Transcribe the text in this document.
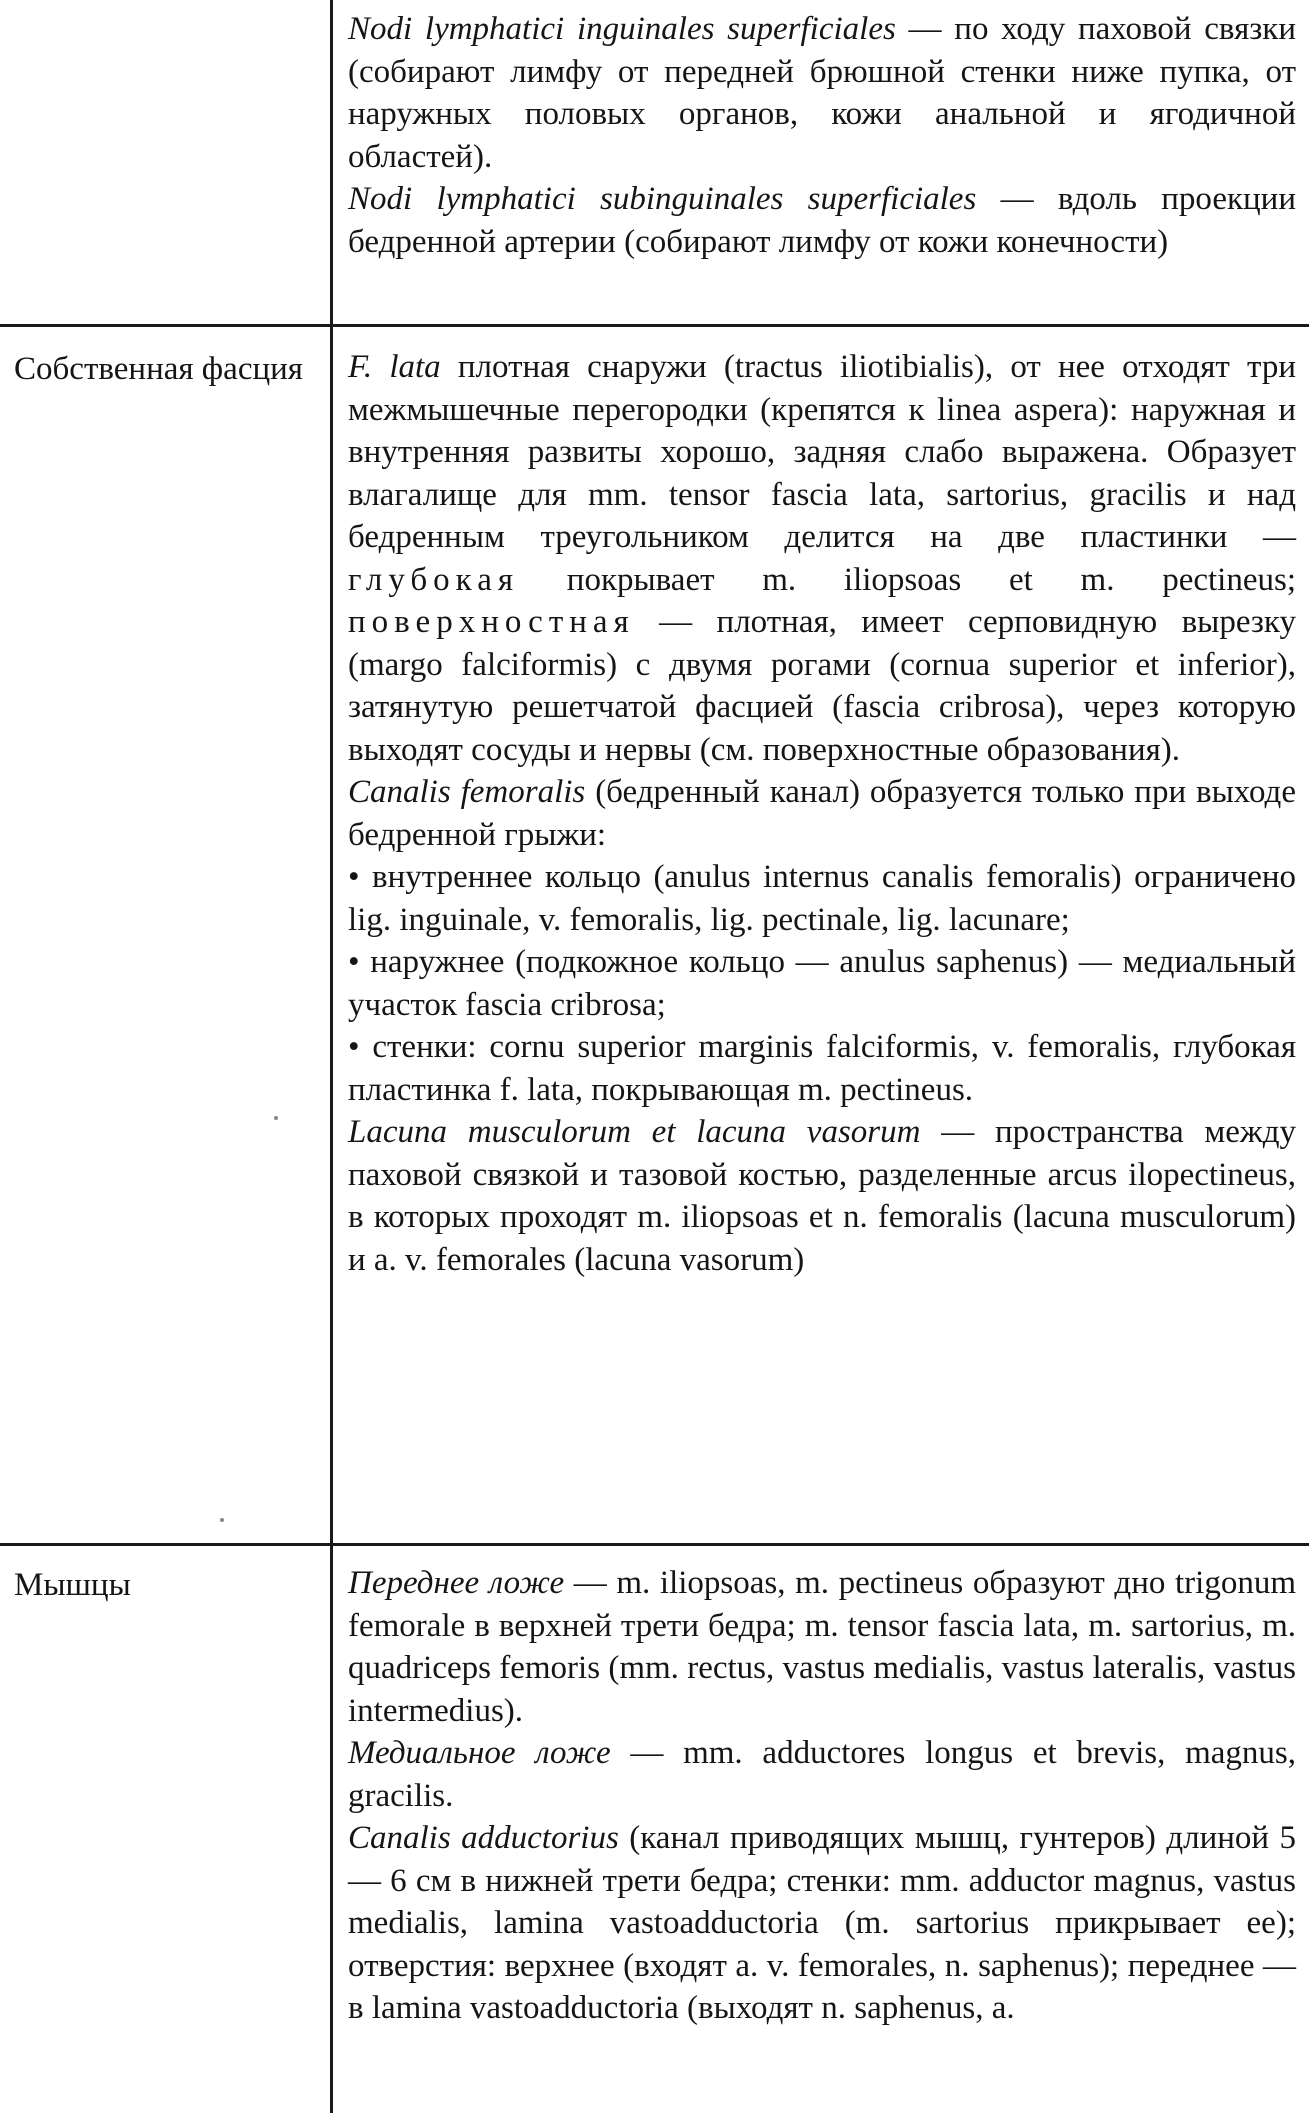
Nodi lymphatici inguinales superficiales — по ходу паховой связки (собирают лимфу от передней брюшной стенки ниже пупка, от наружных половых органов, кожи анальной и ягодичной областей).

Nodi lymphatici subinguinales superficiales — вдоль проекции бедренной артерии (собирают лимфу от кожи конечности)

Собственная фасция	F. lata плотная снаружи (tractus iliotibialis), от нее отходят три межмышечные перегородки (крепятся к linea aspera): наружная и внутренняя развиты хорошо, задняя слабо выражена. Образует влагалище для mm. tensor fascia lata, sartorius, gracilis и над бедренным треугольником делится на две пластинки — глубокая покрывает m. iliopsoas et m. pectineus; поверхностная — плотная, имеет серповидную вырезку (margo falciformis) с двумя рогами (cornua superior et inferior), затянутую решетчатой фасцией (fascia cribrosa), через которую выходят сосуды и нервы (см. поверхностные образования).

Canalis femoralis (бедренный канал) образуется только при выходе бедренной грыжи:

• внутреннее кольцо (anulus internus canalis femoralis) ограничено lig. inguinale, v. femoralis, lig. pectinale, lig. lacunare;

• наружнее (подкожное кольцо — anulus saphenus) — медиальный участок fascia cribrosa;

• стенки: cornu superior marginis falciformis, v. femoralis, глубокая пластинка f. lata, покрывающая m. pectineus.

Lacuna musculorum et lacuna vasorum — пространства между паховой связкой и тазовой костью, разделенные arcus ilopectineus, в которых проходят m. iliopsoas et n. femoralis (lacuna musculorum) и a. v. femorales (lacuna vasorum)

Мышцы	Переднее ложе — m. iliopsoas, m. pectineus образуют дно trigonum femorale в верхней трети бедра; m. tensor fascia lata, m. sartorius, m. quadriceps femoris (mm. rectus, vastus medialis, vastus lateralis, vastus intermedius).

Медиальное ложе — mm. adductores longus et brevis, magnus, gracilis.

Canalis adductorius (канал приводящих мышц, гунтеров) длиной 5 — 6 см в нижней трети бедра; стенки: mm. adductor magnus, vastus medialis, lamina vastoadductoria (m. sartorius прикрывает ее); отверстия: верхнее (входят a. v. femorales, n. saphenus); переднее — в lamina vastoadductoria (выходят n. saphenus, a.
